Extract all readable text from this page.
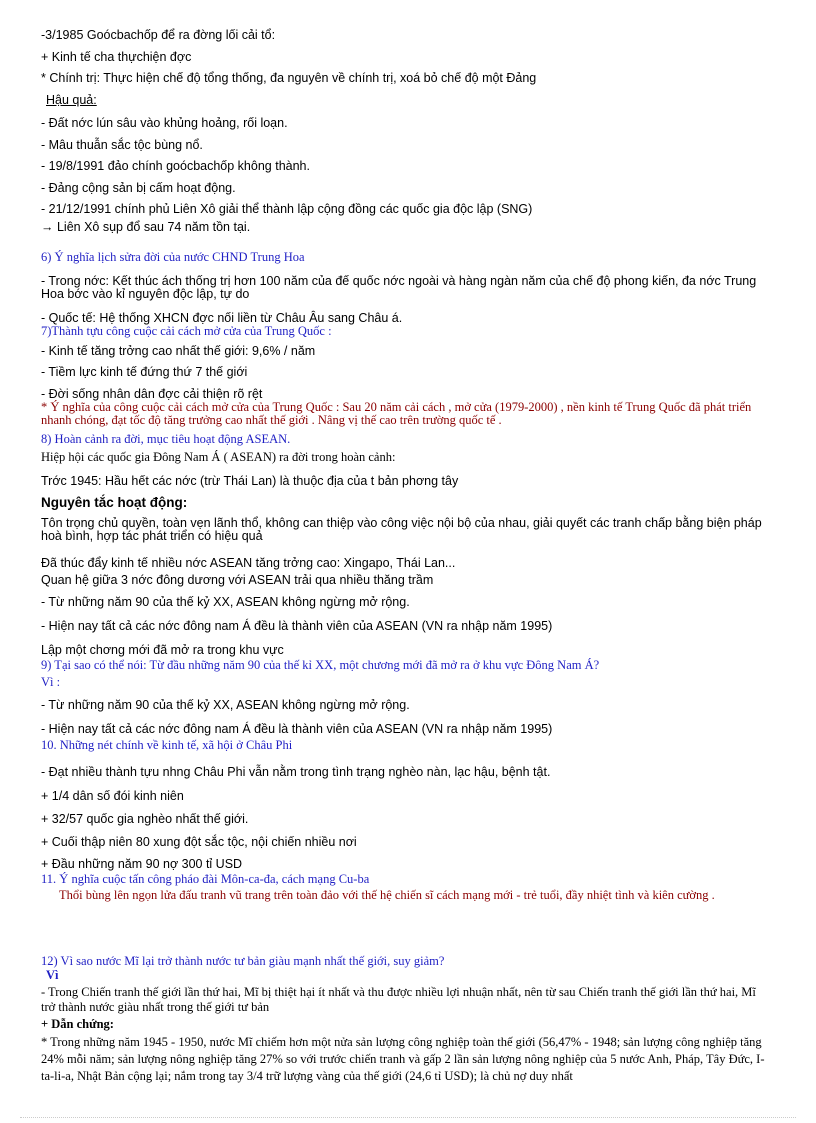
-3/1985 Goócbachốp để ra đờng lối cải tổ:
+ Kinh tế cha thựchiện đợc
* Chính trị: Thực hiện chế độ tổng thống, đa nguyên về chính trị, xoá bỏ chế độ một Đảng
Hậu quả:
- Đất nớc lún sâu vào khủng hoảng, rối loạn.
- Mâu thuẫn sắc tộc bùng nổ.
- 19/8/1991 đảo chính goócbachốp không thành.
- Đảng cộng sản bị cấm hoạt động.
- 21/12/1991 chính phủ Liên Xô giải thể thành lập cộng đồng các quốc gia độc lập (SNG)
→ Liên Xô sụp đổ sau 74 năm tồn tại.
6) Ý nghĩa lịch sửra đời của nước CHND Trung Hoa
- Trong nớc: Kết thúc ách thống trị hơn 100 năm của đế quốc nớc ngoài và hàng ngàn năm của chế độ phong kiến, đa nớc Trung Hoa bớc vào kỉ nguyên độc lập, tự do
- Quốc tế: Hệ thống XHCN đợc nối liền từ Châu Âu sang Châu á.
7)Thành tựu công cuộc cải cách mở cửa của Trung Quốc :
- Kinh tế tăng trởng cao nhất thế giới: 9,6% / năm
- Tiềm lực kinh tế đứng thứ 7 thế giới
- Đời sống nhân dân đợc cải thiện rõ rệt
* Ý nghĩa của công cuộc cải cách mở cửa của Trung Quốc : Sau 20 năm cải cách , mở cửa (1979-2000) , nền kinh tế Trung Quốc đã phát triển nhanh chóng, đạt tốc độ tăng trưởng cao nhất thế giới . Nâng vị thế cao trên trường quốc tế .
8) Hoàn cảnh ra đời, mục tiêu hoạt động ASEAN.
Hiệp hội các quốc gia Đông Nam Á ( ASEAN) ra đời trong hoàn cảnh:
Trớc 1945: Hầu hết các nớc (trừ Thái Lan) là thuộc địa của t bản phơng tây
Nguyên tắc hoạt động:
Tôn trọng chủ quyền, toàn vẹn lãnh thổ, không can thiệp vào công việc nội bộ của nhau, giải quyết các tranh chấp bằng biện pháp hoà bình, hợp tác phát triển có hiệu quả
Đã thúc đẩy kinh tế nhiều nớc ASEAN tăng trởng cao: Xingapo, Thái Lan...
Quan hệ giữa 3 nớc đông dương với ASEAN trải qua nhiều thăng trầm
- Từ những năm 90 của thế kỷ XX, ASEAN không ngừng mở rộng.
- Hiện nay tất cả các nớc đông nam Á đều là thành viên của ASEAN (VN ra nhập năm 1995)
Lập một chơng mới đã mở ra trong khu vực
9) Tại sao có thể nói: Từ đầu những năm 90 của thế kỉ XX, một chương mới đã mở ra ở khu vực Đông Nam Á?
Vì :
- Từ những năm 90 của thế kỷ XX, ASEAN không ngừng mở rộng.
- Hiện nay tất cả các nớc đông nam Á đều là thành viên của ASEAN (VN ra nhập năm 1995)
10. Những nét chính về kinh tế, xã hội ở Châu Phi
- Đạt nhiều thành tựu nhng Châu Phi vẫn nằm trong tình trạng nghèo nàn, lạc hậu, bệnh tật.
+ 1/4 dân số đói kinh niên
+ 32/57 quốc gia nghèo nhất thế giới.
+ Cuối thập niên 80 xung đột sắc tộc, nội chiến nhiều nơi
+ Đầu những năm 90 nợ 300 tỉ USD
11. Ý nghĩa cuộc tấn công pháo đài Môn-ca-đa, cách mạng Cu-ba
Thổi bùng lên ngọn lửa đấu tranh vũ trang trên toàn đảo với thế hệ chiến sĩ cách mạng mới - trẻ tuổi, đầy nhiệt tình và kiên cường .
12) Vì sao nước Mĩ lại trở thành nước tư bản giàu mạnh nhất thế giới, suy giảm?
Vì
- Trong Chiến tranh thế giới lần thứ hai, Mĩ bị thiệt hại ít nhất và thu được nhiều lợi nhuận nhất, nên từ sau Chiến tranh thế giới lần thứ hai, Mĩ trở thành nước giàu nhất trong thế giới tư bản
+ Dẫn chứng:
* Trong những năm 1945 - 1950, nước Mĩ chiếm hơn một nửa sản lượng công nghiệp toàn thế giới (56,47% - 1948; sản lượng công nghiệp tăng 24% mỗi năm; sản lượng nông nghiệp tăng 27% so với trước chiến tranh và gấp 2 lần sản lượng nông nghiệp của 5 nước Anh, Pháp, Tây Đức, I-ta-li-a, Nhật Bản cộng lại; nắm trong tay 3/4 trữ lượng vàng của thế giới (24,6 tỉ USD); là chủ nợ duy nhất
